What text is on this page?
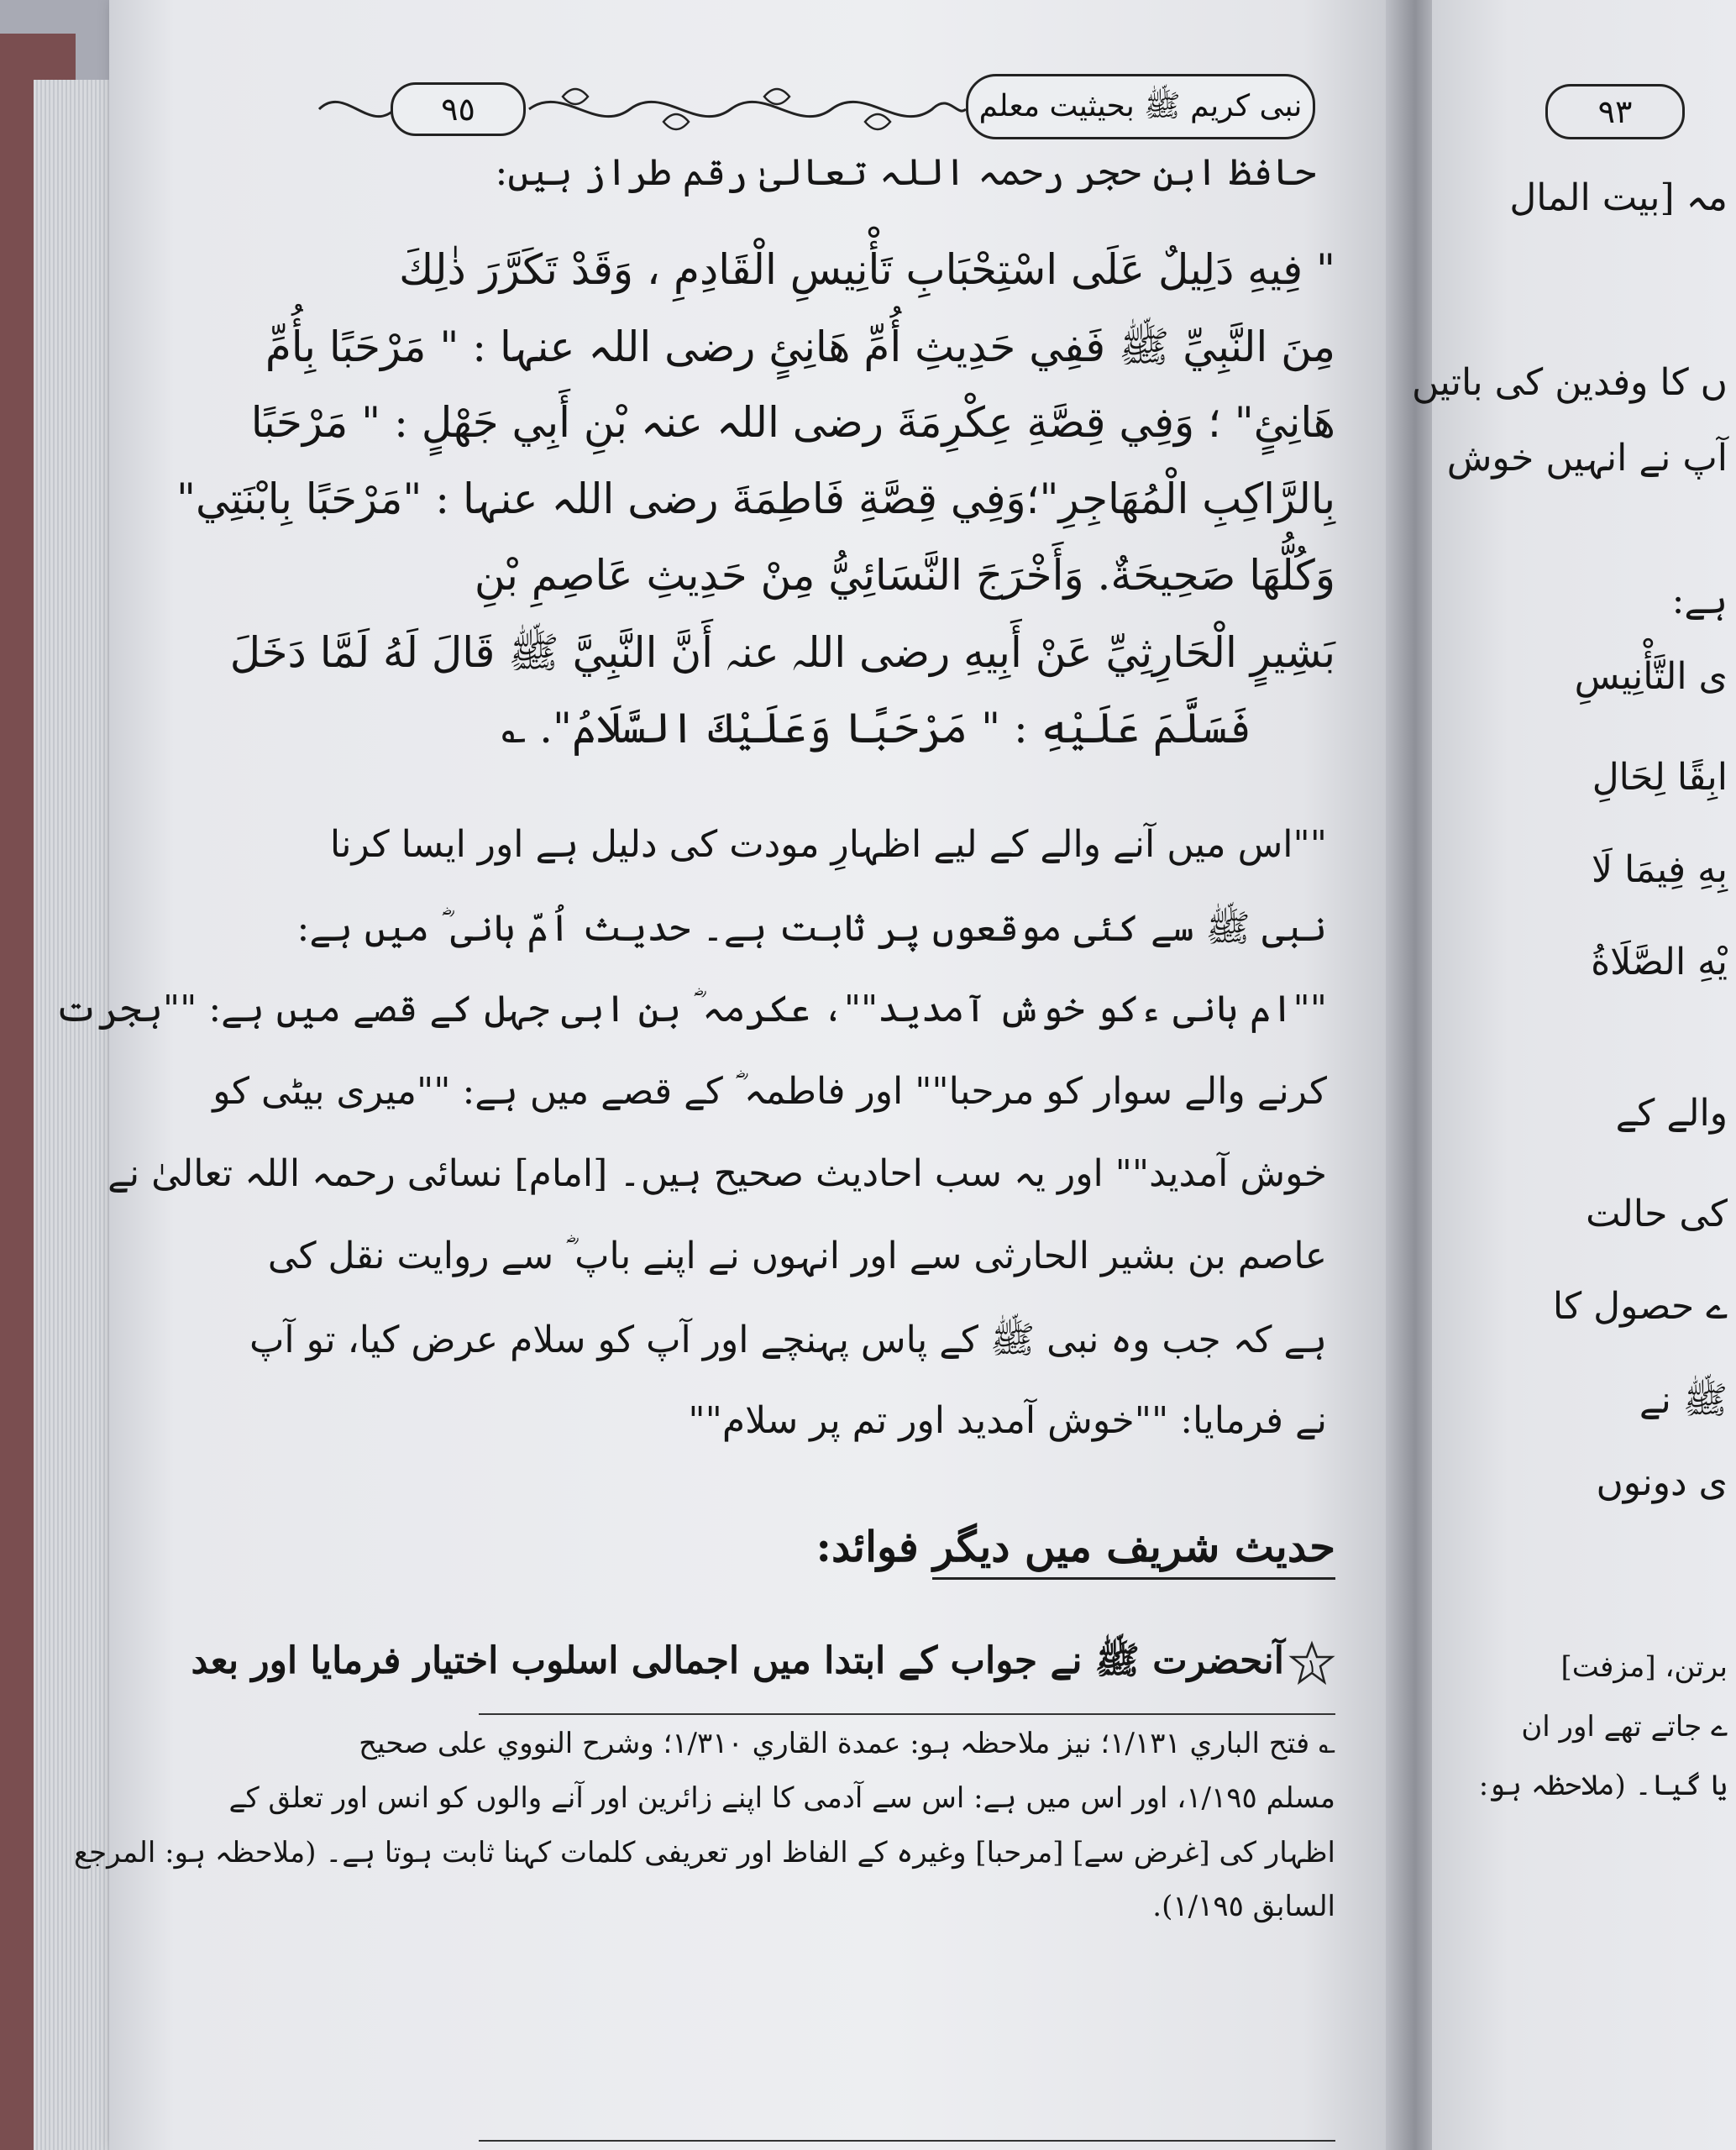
٩٥	نبی کریم ﷺ بحیثیت معلم	٩٣
حافظ ابن حجر رحمہ اللہ تعالیٰ رقم طراز ہیں:
" فِيهِ دَلِيلٌ عَلَى اسْتِحْبَابِ تَأْنِيسِ الْقَادِمِ ، وَقَدْ تَكَرَّرَ ذٰلِكَ
مِنَ النَّبِيِّ ﷺ فَفِي حَدِيثِ أُمِّ هَانِئٍ رضی اللہ عنہا : " مَرْحَبًا بِأُمِّ
هَانِئٍ" ؛ وَفِي قِصَّةِ عِكْرِمَةَ رضی اللہ عنہ بْنِ أَبِي جَهْلٍ : " مَرْحَبًا
بِالرَّاكِبِ الْمُهَاجِرِ"؛وَفِي قِصَّةِ فَاطِمَةَ رضی اللہ عنہا : "مَرْحَبًا بِابْنَتِي"
وَكُلُّهَا صَحِيحَةٌ. وَأَخْرَجَ النَّسَائِيُّ مِنْ حَدِيثِ عَاصِمِ بْنِ
بَشِيرٍ الْحَارِثِيِّ عَنْ أَبِيهِ رضی اللہ عنہ أَنَّ النَّبِيَّ ﷺ قَالَ لَهُ لَمَّا دَخَلَ
فَسَلَّمَ عَلَيْهِ : " مَرْحَبًا وَعَلَيْكَ السَّلَامُ". ؎
""اس میں آنے والے کے لیے اظہارِ مودت کی دلیل ہے اور ایسا کرنا
نبی ﷺ سے کئی موقعوں پر ثابت ہے۔ حدیث اُمّ ہانی ؓ میں ہے:
""ام ہانی ءکو خوش آمدید""، عکرمہ ؓ بن ابی جہل کے قصے میں ہے: ""ہجرت
کرنے والے سوار کو مرحبا"" اور فاطمہ ؓ کے قصے میں ہے: ""میری بیٹی کو
خوش آمدید"" اور یہ سب احادیث صحیح ہیں۔ [امام] نسائی رحمہ اللہ تعالیٰ نے
عاصم بن بشیر الحارثی سے اور انہوں نے اپنے باپ ؓ سے روایت نقل کی
ہے کہ جب وہ نبی ﷺ کے پاس پہنچے اور آپ کو سلام عرض کیا، تو آپ
نے فرمایا: ""خوش آمدید اور تم پر سلام""
حدیث شریف میں دیگر فوائد:
١
آنحضرت ﷺ نے جواب کے ابتدا میں اجمالی اسلوب اختیار فرمایا اور بعد
؎ فتح الباري ١/١٣١؛ نیز ملاحظہ ہو: عمدة القاري ١/٣١٠؛ وشرح النووي على صحيح
مسلم ١/١٩٥، اور اس میں ہے: اس سے آدمی کا اپنے زائرین اور آنے والوں کو انس اور تعلق کے
اظہار کی [غرض سے] [مرحبا] وغیرہ کے الفاظ اور تعریفی کلمات کہنا ثابت ہوتا ہے۔ (ملاحظہ ہو: المرجع
السابق ١/١٩٥).
مہ [بیت المال
ں کا وفدین کی باتیں
آپ نے انہیں خوش
ہے:
ى التَّأْنِيسِ
ابِقًا لِحَالِ
بِهِ فِيمَا لَا
يْهِ الصَّلَاةُ
والے کے
کی حالت
ے حصول کا
ﷺ نے
ی دونوں
برتن، [مزفت]
ے جاتے تھے اور ان
یا گیا۔ (ملاحظہ ہو:
